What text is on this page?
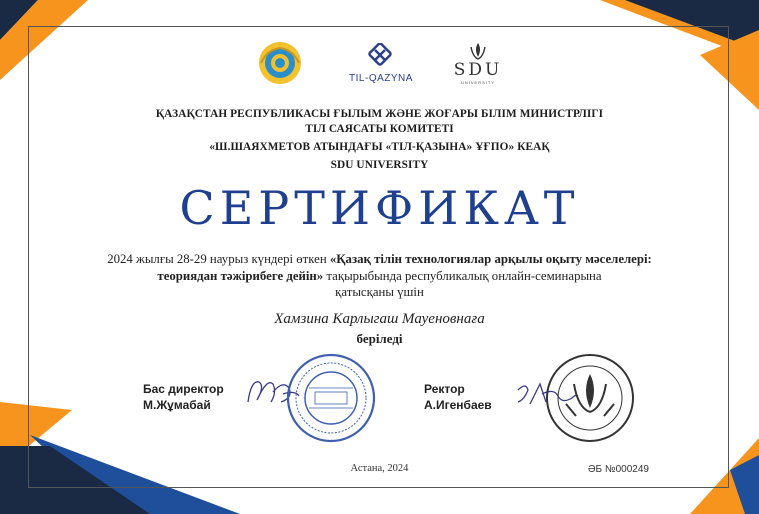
TIL-QAZYNA	SDU
UNIVERSITY
ҚАЗАҚСТАН РЕСПУБЛИКАСЫ ҒЫЛЫМ ЖӘНЕ ЖОҒАРЫ БІЛІМ МИНИСТРЛІГІ
ТІЛ САЯСАТЫ КОМИТЕТІ
«Ш.ШАЯХМЕТОВ АТЫНДАҒЫ «ТІЛ-ҚАЗЫНА» ҰҒПО» КЕАҚ
SDU UNIVERSITY
СЕРТИФИКАТ
2024 жылғы 28-29 наурыз күндері өткен «Қазақ тілін технологиялар арқылы оқыту мәселелері:
теориядан тәжірибеге дейін» тақырыбында республикалық онлайн-семинарына
қатысқаны үшін
Хамзина Карлыгаш Мауеновнаға
беріледі
Бас директор
М.Жұмабай
Ректор
А.Игенбаев
Астана, 2024	ӘБ №000249
